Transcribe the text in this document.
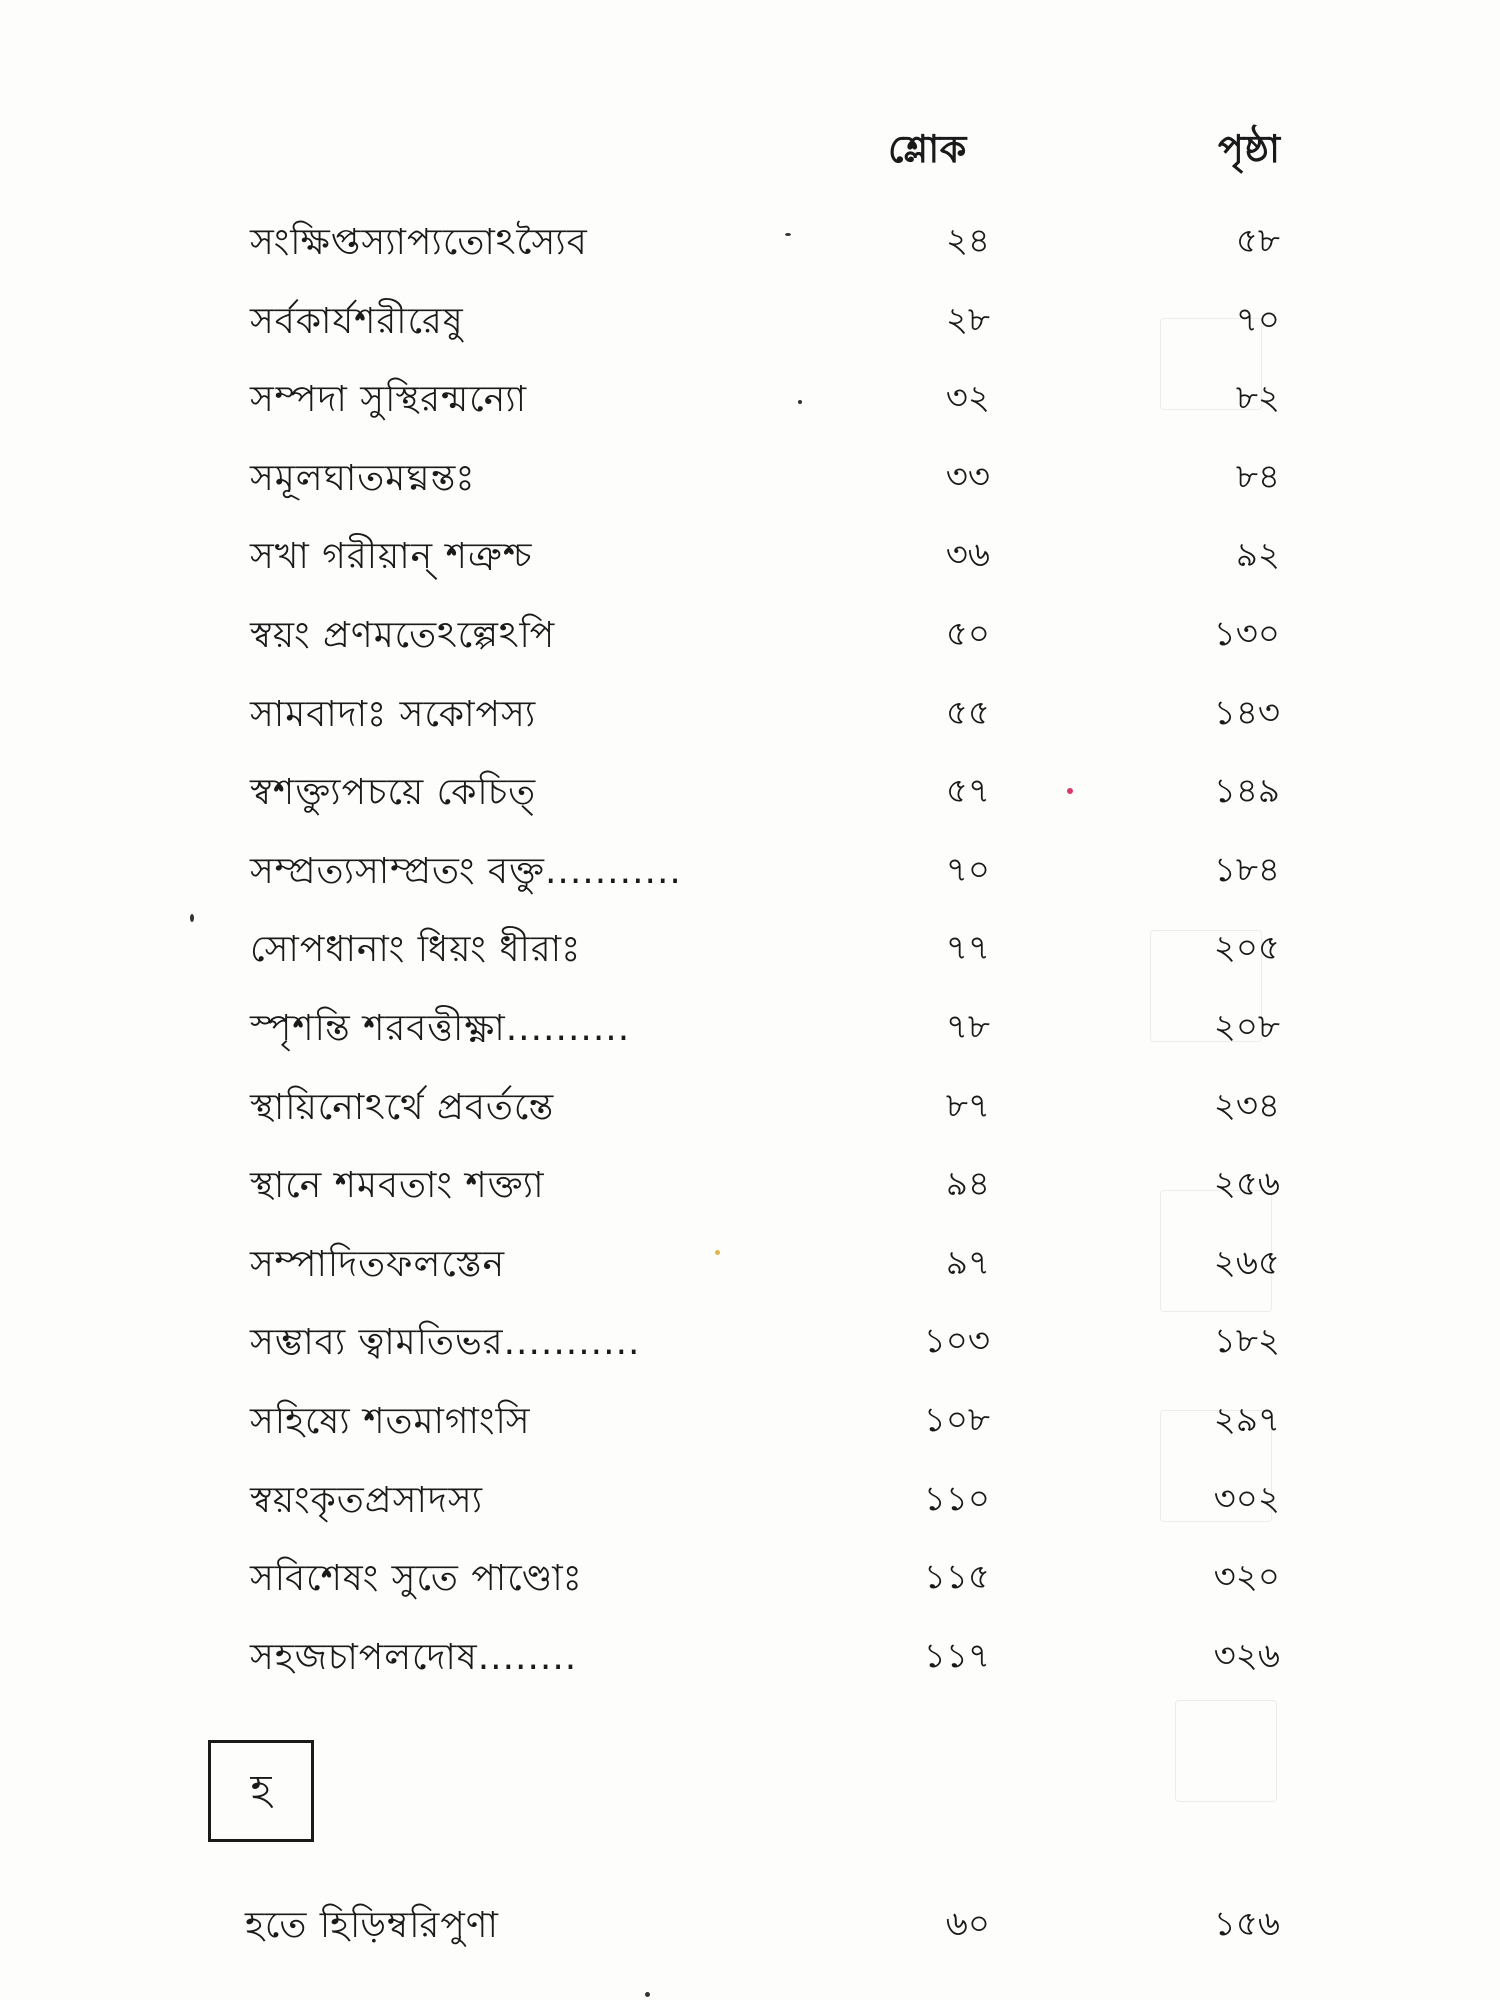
শ্লোক	পৃষ্ঠা
সংক্ষিপ্তস্যাপ্যতোঽস্যৈব	২৪	৫৮
সর্বকার্যশরীরেষু	২৮	৭০
সম্পদা সুস্থিরন্মন্যো	৩২	৮২
সমূলঘাতমঘ্নন্তঃ	৩৩	৮৪
সখা গরীয়ান্ শত্রুশ্চ	৩৬	৯২
স্বয়ং প্রণমতেঽল্পেঽপি	৫০	১৩০
সামবাদাঃ সকোপস্য	৫৫	১৪৩
স্বশক্ত্যুপচয়ে কেচিত্	৫৭	১৪৯
সম্প্রত্যসাম্প্রতং বক্তু...........	৭০	১৮৪
সোপধানাং ধিয়ং ধীরাঃ	৭৭	২০৫
স্পৃশন্তি শরবত্তীক্ষ্ণা..........	৭৮	২০৮
স্থায়িনোঽর্থে প্রবর্তন্তে	৮৭	২৩৪
স্থানে শমবতাং শক্ত্যা	৯৪	২৫৬
সম্পাদিতফলস্তেন	৯৭	২৬৫
সম্ভাব্য ত্বামতিভর...........	১০৩	১৮২
সহিষ্যে শতমাগাংসি	১০৮	২৯৭
স্বয়ংকৃতপ্রসাদস্য	১১০	৩০২
সবিশেষং সুতে পাণ্ডোঃ	১১৫	৩২০
সহজচাপলদোষ........	১১৭	৩২৬
হ
হতে হিড়িম্বরিপুণা	৬০	১৫৬
